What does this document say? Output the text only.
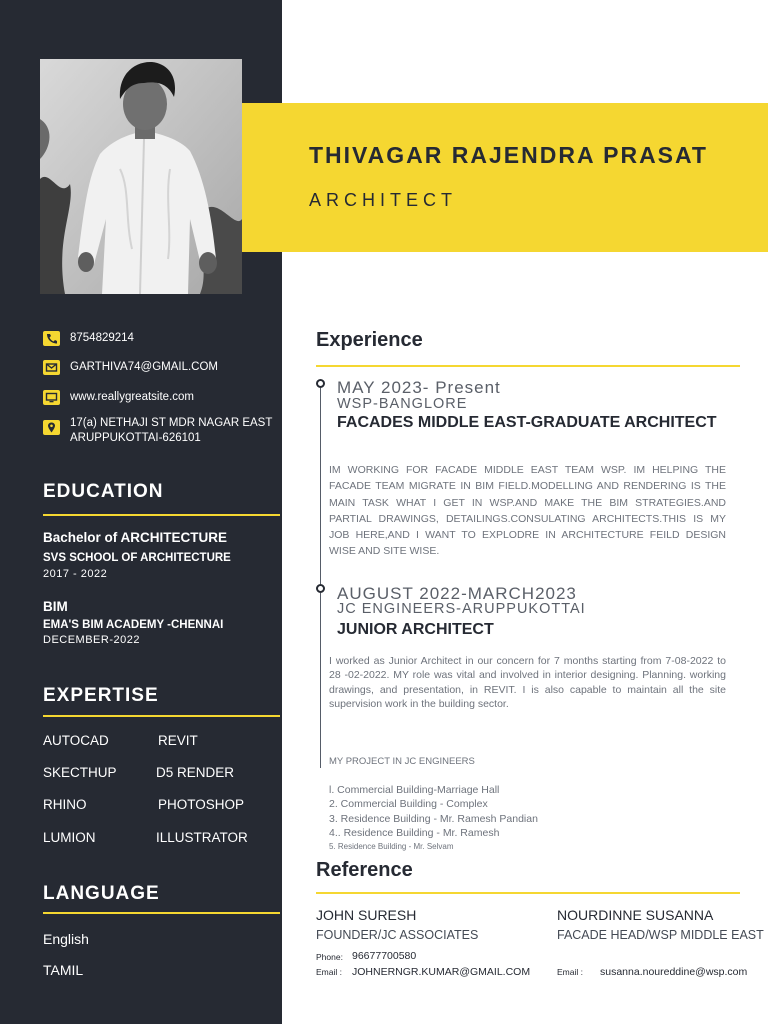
THIVAGAR RAJENDRA PRASAT
ARCHITECT
8754829214
GARTHIVA74@GMAIL.COM
www.reallygreatsite.com
17(a) NETHAJI ST MDR NAGAR EAST
ARUPPUKOTTAI-626101
EDUCATION
Bachelor of ARCHITECTURE
SVS SCHOOL OF ARCHITECTURE
2017 - 2022
BIM
EMA'S BIM ACADEMY -CHENNAI
DECEMBER-2022
EXPERTISE
AUTOCAD
SKECTHUP
RHINO
LUMION
REVIT
D5 RENDER
PHOTOSHOP
ILLUSTRATOR
LANGUAGE
English
TAMIL
Experience
MAY 2023- Present
WSP-BANGLORE
FACADES MIDDLE EAST-GRADUATE ARCHITECT
IM WORKING FOR FACADE MIDDLE EAST TEAM WSP. IM HELPING THE FACADE TEAM MIGRATE IN BIM FIELD.MODELLING AND RENDERING IS THE MAIN TASK WHAT I GET IN WSP.AND MAKE THE BIM STRATEGIES.AND PARTIAL DRAWINGS, DETAILINGS.CONSULATING ARCHITECTS.THIS IS MY JOB HERE,AND I WANT TO EXPLODRE IN ARCHITECTURE FEILD DESIGN WISE AND SITE WISE.
AUGUST 2022-MARCH2023
JC ENGINEERS-ARUPPUKOTTAI
JUNIOR ARCHITECT
I worked as Junior Architect in our concern for 7 months starting from 7-08-2022 to 28 -02-2022. MY role was vital and involved in interior designing. Planning. working drawings, and presentation, in REVIT. I is also capable to maintain all the site supervision work in the building sector.
MY PROJECT IN JC ENGINEERS
l. Commercial Building-Marriage Hall
2. Commercial Building - Complex
3. Residence Building - Mr. Ramesh Pandian
4.. Residence Building - Mr. Ramesh
5. Residence Building - Mr. Selvam
Reference
JOHN SURESH
FOUNDER/JC ASSOCIATES
Phone: 96677700580
Email : JOHNERNGR.KUMAR@GMAIL.COM
NOURDINNE SUSANNA
FACADE HEAD/WSP MIDDLE EAST
Email : susanna.noureddine@wsp.com
